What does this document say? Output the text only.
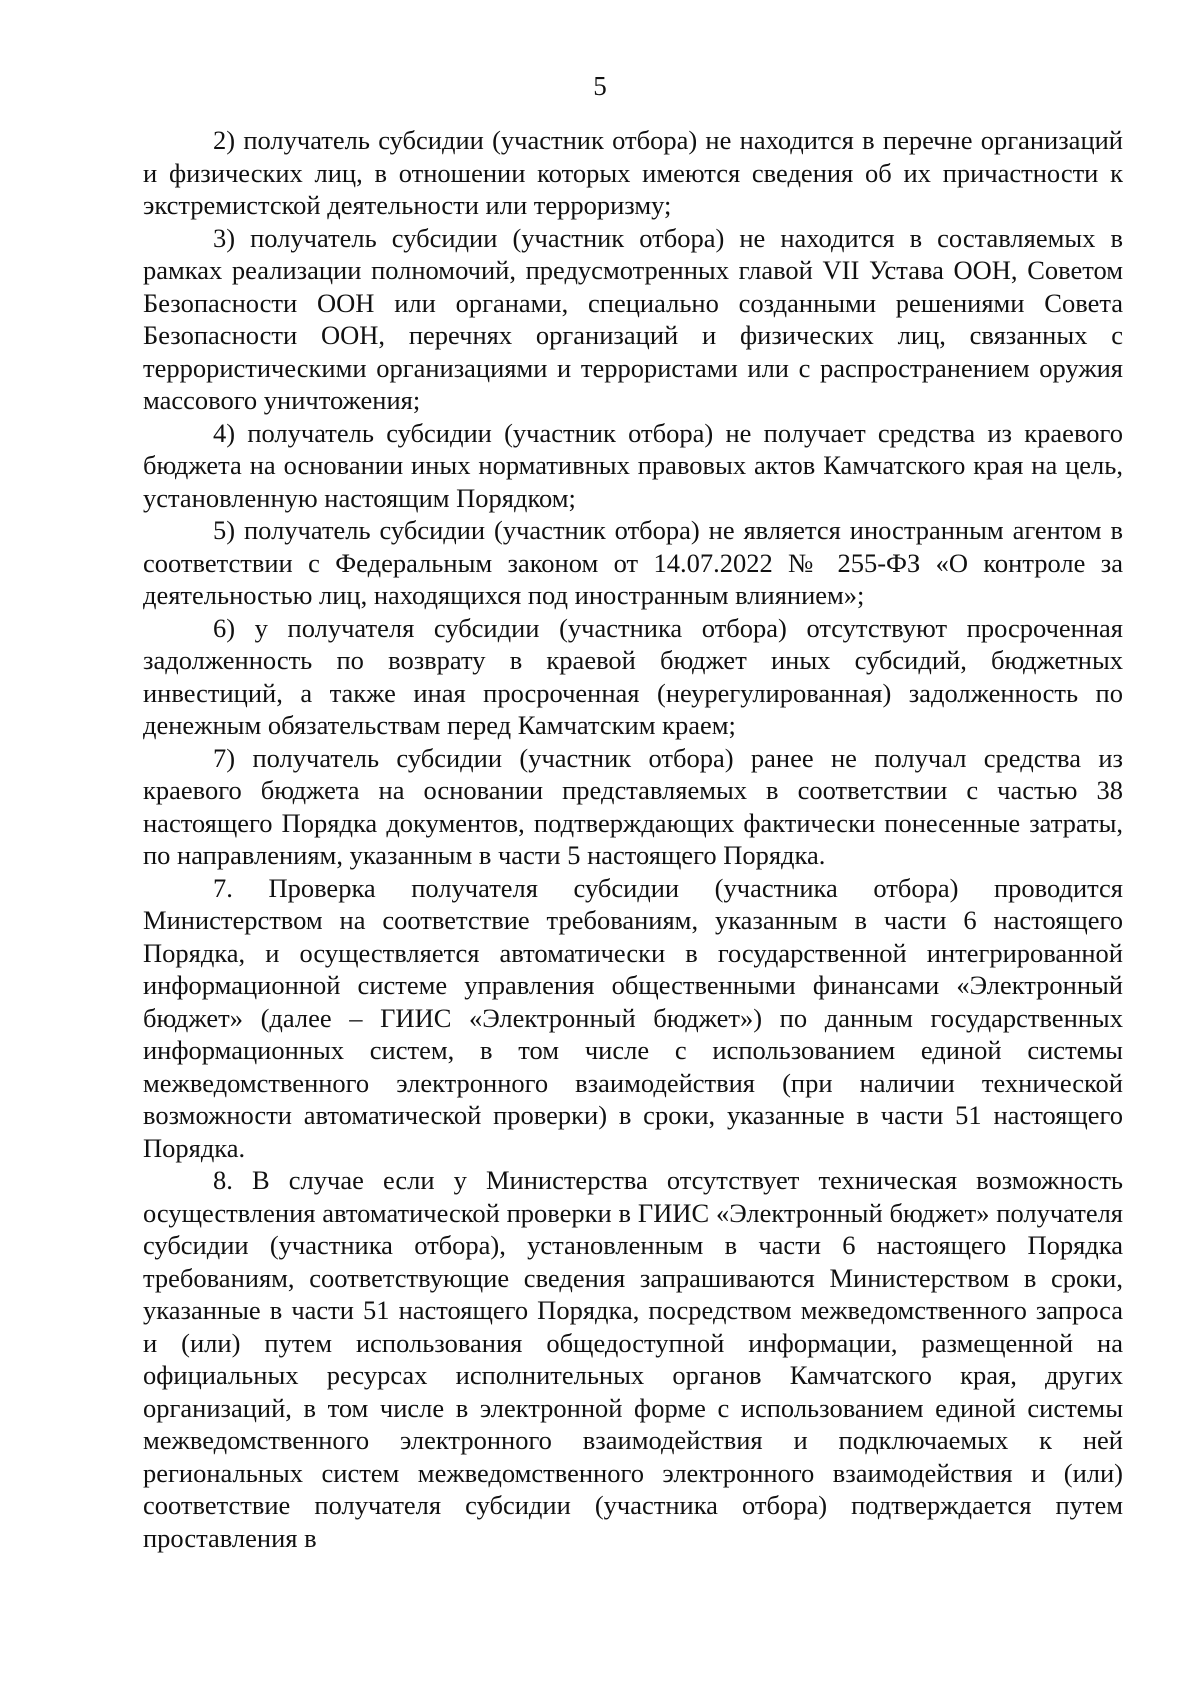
5

2) получатель субсидии (участник отбора) не находится в перечне организаций и физических лиц, в отношении которых имеются сведения об их причастности к экстремистской деятельности или терроризму;

3) получатель субсидии (участник отбора) не находится в составляемых в рамках реализации полномочий, предусмотренных главой VII Устава ООН, Советом Безопасности ООН или органами, специально созданными решениями Совета Безопасности ООН, перечнях организаций и физических лиц, связанных с террористическими организациями и террористами или с распространением оружия массового уничтожения;

4) получатель субсидии (участник отбора) не получает средства из краевого бюджета на основании иных нормативных правовых актов Камчатского края на цель, установленную настоящим Порядком;

5) получатель субсидии (участник отбора) не является иностранным агентом в соответствии с Федеральным законом от 14.07.2022 № 255-ФЗ «О контроле за деятельностью лиц, находящихся под иностранным влиянием»;

6) у получателя субсидии (участника отбора) отсутствуют просроченная задолженность по возврату в краевой бюджет иных субсидий, бюджетных инвестиций, а также иная просроченная (неурегулированная) задолженность по денежным обязательствам перед Камчатским краем;

7) получатель субсидии (участник отбора) ранее не получал средства из краевого бюджета на основании представляемых в соответствии с частью 38 настоящего Порядка документов, подтверждающих фактически понесенные затраты, по направлениям, указанным в части 5 настоящего Порядка.

7. Проверка получателя субсидии (участника отбора) проводится Министерством на соответствие требованиям, указанным в части 6 настоящего Порядка, и осуществляется автоматически в государственной интегрированной информационной системе управления общественными финансами «Электронный бюджет» (далее – ГИИС «Электронный бюджет») по данным государственных информационных систем, в том числе с использованием единой системы межведомственного электронного взаимодействия (при наличии технической возможности автоматической проверки) в сроки, указанные в части 51 настоящего Порядка.

8. В случае если у Министерства отсутствует техническая возможность осуществления автоматической проверки в ГИИС «Электронный бюджет» получателя субсидии (участника отбора), установленным в части 6 настоящего Порядка требованиям, соответствующие сведения запрашиваются Министерством в сроки, указанные в части 51 настоящего Порядка, посредством межведомственного запроса и (или) путем использования общедоступной информации, размещенной на официальных ресурсах исполнительных органов Камчатского края, других организаций, в том числе в электронной форме с использованием единой системы межведомственного электронного взаимодействия и подключаемых к ней региональных систем межведомственного электронного взаимодействия и (или) соответствие получателя субсидии (участника отбора) подтверждается путем проставления в
